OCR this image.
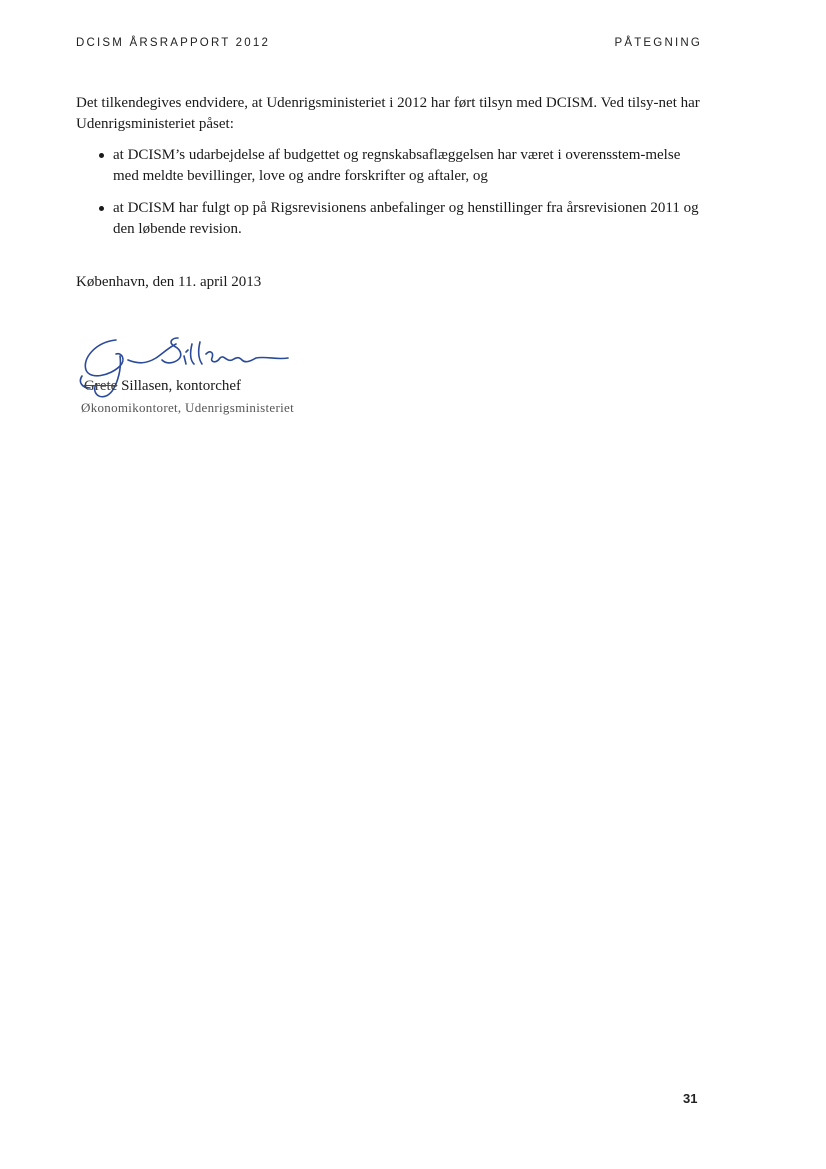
DCISM ÅRSRAPPORT 2012	PÅTEGNING

Det tilkendegives endvidere, at Udenrigsministeriet i 2012 har ført tilsyn med DCISM. Ved tilsy-net har Udenrigsministeriet påset:

at DCISM’s udarbejdelse af budgettet og regnskabsaflæggelsen har været i overensstem-melse med meldte bevillinger, love og andre forskrifter og aftaler, og
at DCISM har fulgt op på Rigsrevisionens anbefalinger og henstillinger fra årsrevisionen 2011 og den løbende revision.
København, den 11. april 2013
Grete Sillasen, kontorchef
Økonomikontoret, Udenrigsministeriet
31
